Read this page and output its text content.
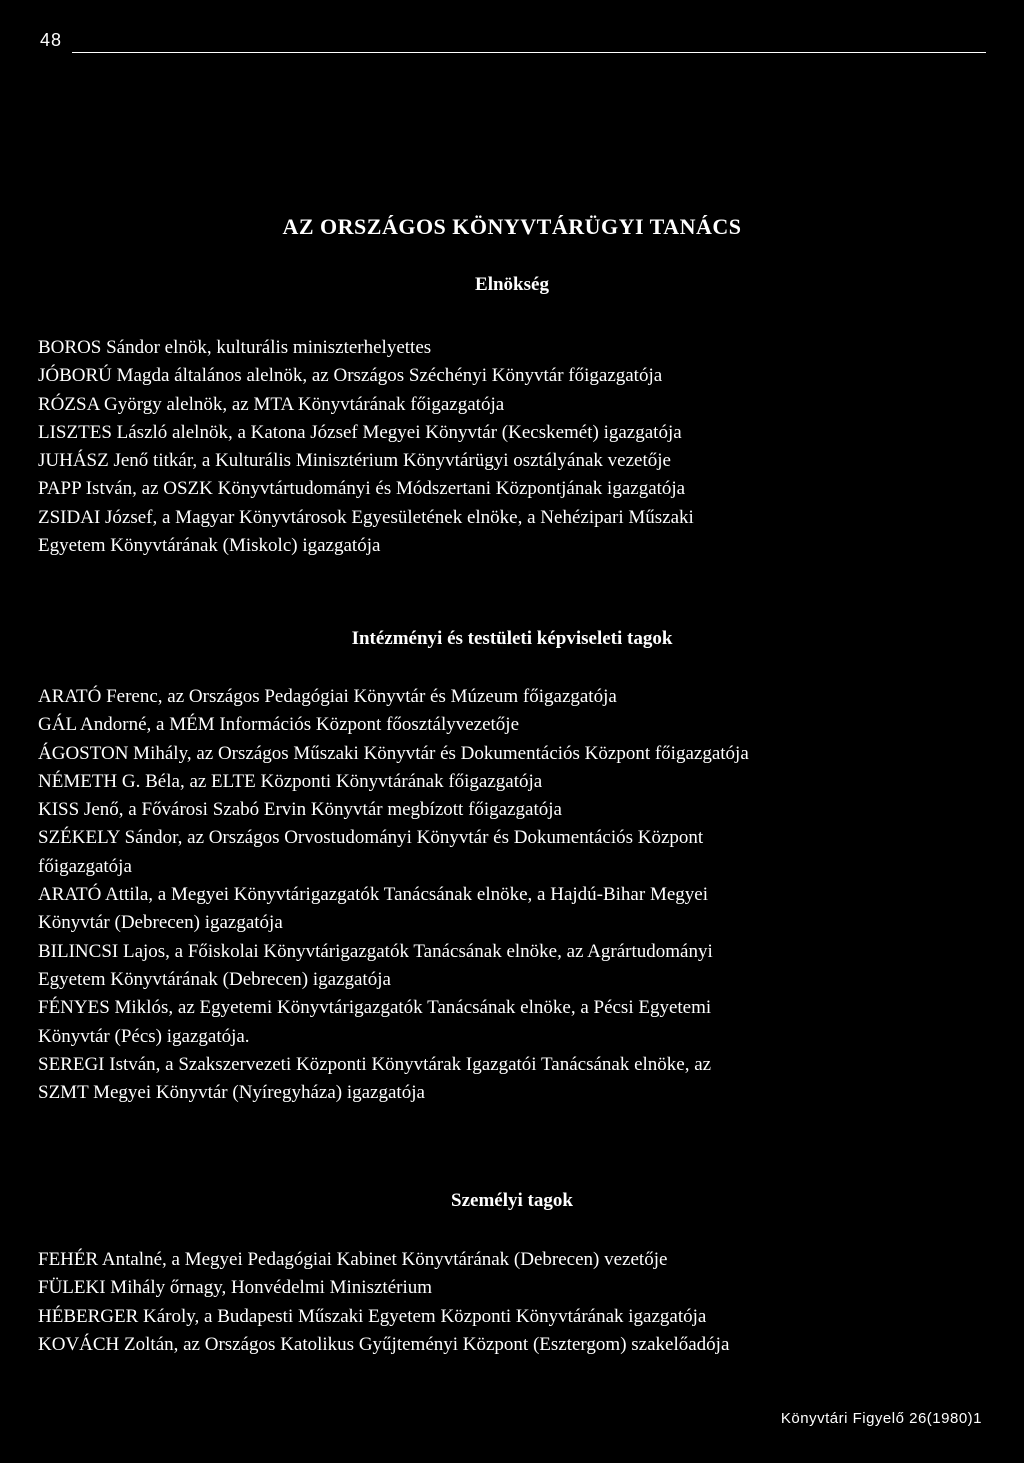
48
AZ ORSZÁGOS KÖNYVTÁRÜGYI TANÁCS
Elnökség
BOROS Sándor elnök, kulturális miniszterhelyettes
JÓBORÚ Magda általános alelnök, az Országos Széchényi Könyvtár főigazgatója
RÓZSA György alelnök, az MTA Könyvtárának főigazgatója
LISZTES László alelnök, a Katona József Megyei Könyvtár (Kecskemét) igazgatója
JUHÁSZ Jenő titkár, a Kulturális Minisztérium Könyvtárügyi osztályának vezetője
PAPP István, az OSZK Könyvtártudományi és Módszertani Központjának igazgatója
ZSIDAI József, a Magyar Könyvtárosok Egyesületének elnöke, a Nehézipari Műszaki
Egyetem Könyvtárának (Miskolc) igazgatója
Intézményi és testületi képviseleti tagok
ARATÓ Ferenc, az Országos Pedagógiai Könyvtár és Múzeum főigazgatója
GÁL Andorné, a MÉM Információs Központ főosztályvezetője
ÁGOSTON Mihály, az Országos Műszaki Könyvtár és Dokumentációs Központ főigazgatója
NÉMETH G. Béla, az ELTE Központi Könyvtárának főigazgatója
KISS Jenő, a Fővárosi Szabó Ervin Könyvtár megbízott főigazgatója
SZÉKELY Sándor, az Országos Orvostudományi Könyvtár és Dokumentációs Központ
főigazgatója
ARATÓ Attila, a Megyei Könyvtárigazgatók Tanácsának elnöke, a Hajdú-Bihar Megyei
Könyvtár (Debrecen) igazgatója
BILINCSI Lajos, a Főiskolai Könyvtárigazgatók Tanácsának elnöke, az Agrártudományi
Egyetem Könyvtárának (Debrecen) igazgatója
FÉNYES Miklós, az Egyetemi Könyvtárigazgatók Tanácsának elnöke, a Pécsi Egyetemi
Könyvtár (Pécs) igazgatója.
SEREGI István, a Szakszervezeti Központi Könyvtárak Igazgatói Tanácsának elnöke, az
SZMT Megyei Könyvtár (Nyíregyháza) igazgatója
Személyi tagok
FEHÉR Antalné, a Megyei Pedagógiai Kabinet Könyvtárának (Debrecen) vezetője
FÜLEKI Mihály őrnagy, Honvédelmi Minisztérium
HÉBERGER Károly, a Budapesti Műszaki Egyetem Központi Könyvtárának igazgatója
KOVÁCH Zoltán, az Országos Katolikus Gyűjteményi Központ (Esztergom) szakelőadója
Könyvtári Figyelő 26(1980)1
